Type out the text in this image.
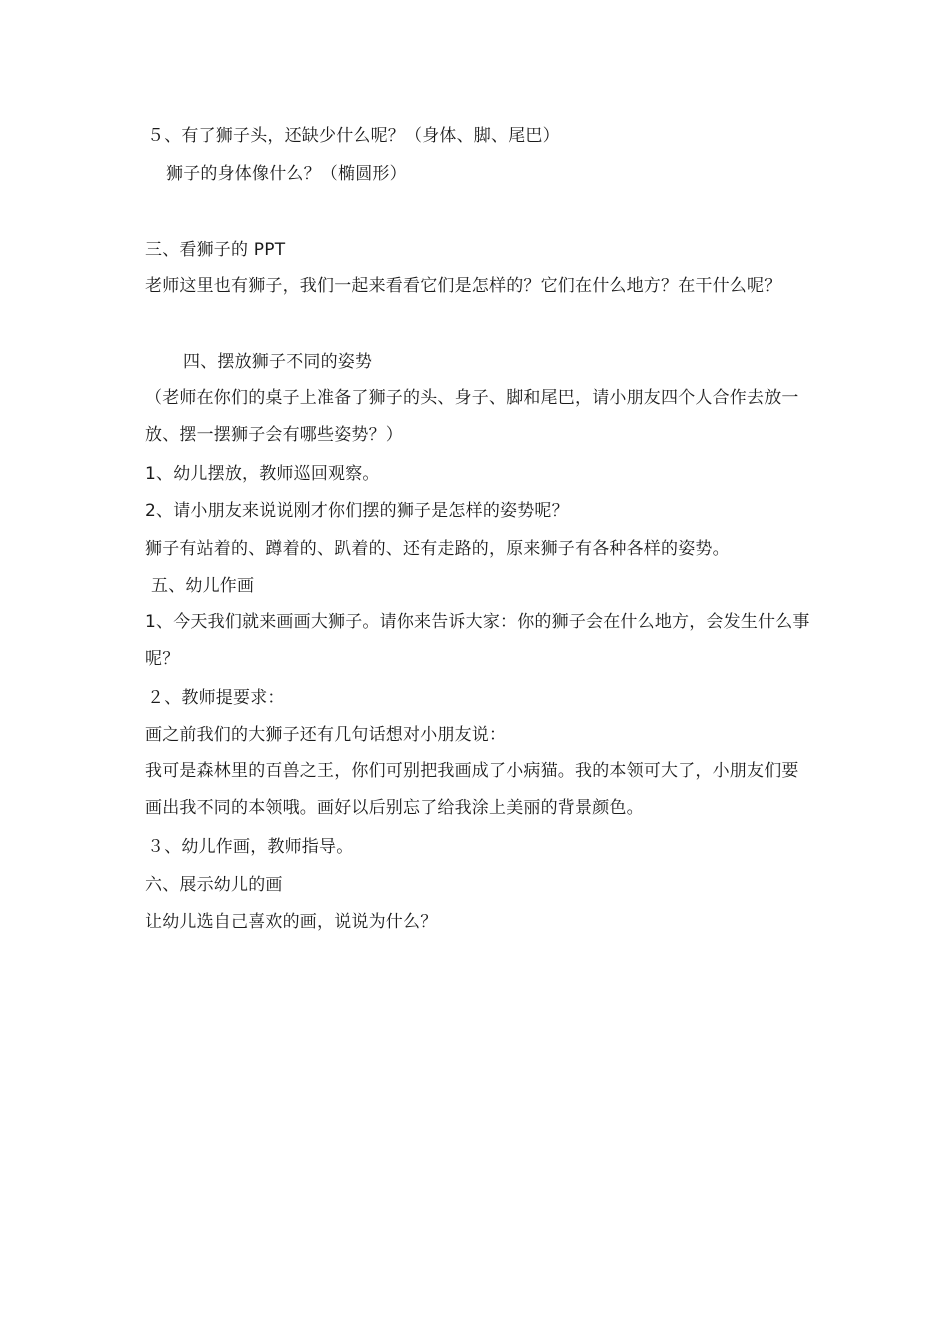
５、有了狮子头，还缺少什么呢？（身体、脚、尾巴）
狮子的身体像什么？（椭圆形）
三、看狮子的 PPT
老师这里也有狮子，我们一起来看看它们是怎样的？它们在什么地方？在干什么呢？
四、摆放狮子不同的姿势
（老师在你们的桌子上准备了狮子的头、身子、脚和尾巴，请小朋友四个人合作去放一放、摆一摆狮子会有哪些姿势？）
1、幼儿摆放，教师巡回观察。
2、请小朋友来说说刚才你们摆的狮子是怎样的姿势呢？
狮子有站着的、蹲着的、趴着的、还有走路的，原来狮子有各种各样的姿势。
五、幼儿作画
1、今天我们就来画画大狮子。请你来告诉大家：你的狮子会在什么地方，会发生什么事呢？
２、教师提要求：
画之前我们的大狮子还有几句话想对小朋友说：
我可是森林里的百兽之王，你们可别把我画成了小病猫。我的本领可大了，小朋友们要画出我不同的本领哦。画好以后别忘了给我涂上美丽的背景颜色。
３、幼儿作画，教师指导。
六、展示幼儿的画
让幼儿选自己喜欢的画，说说为什么？
